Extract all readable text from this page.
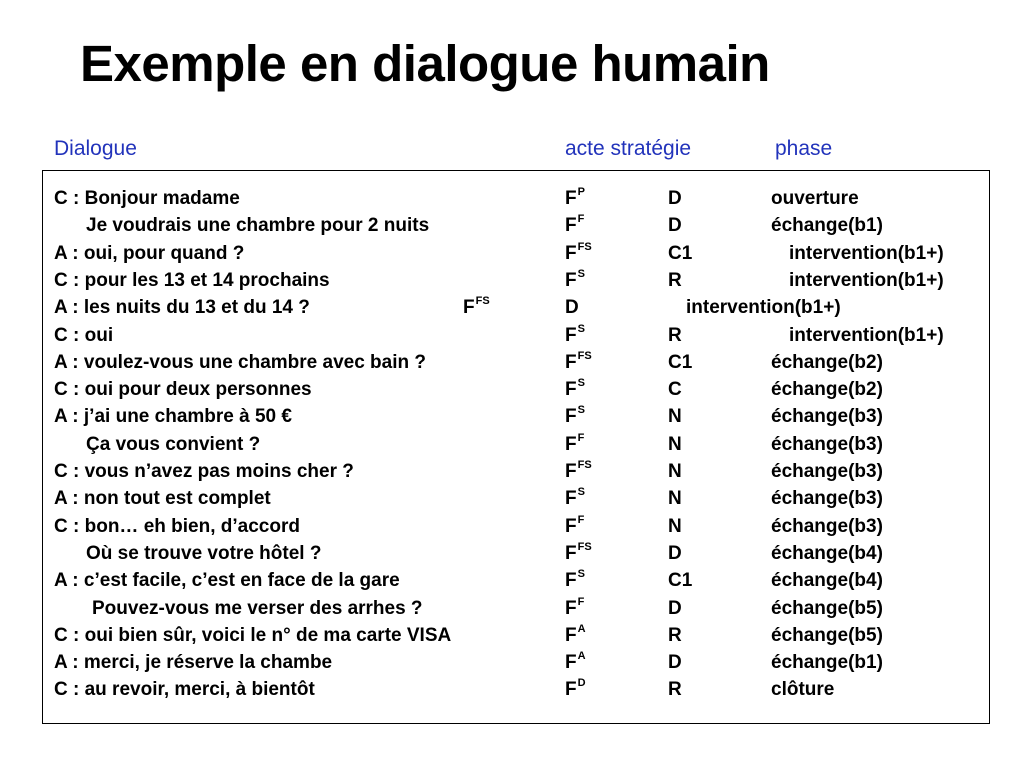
Exemple en dialogue humain
Dialogue	acte stratégie	phase
C : Bonjour madame	$F^P$	D	ouverture
Je voudrais une chambre pour 2 nuits	$F^F$	D	échange(b1)
A : oui, pour quand ?	$F^{FS}$	C1	intervention(b1+)
C : pour les 13 et 14 prochains	$F^S$	R	intervention(b1+)
A : les nuits du 13 et du 14 ?	$F^{FS}$	D	intervention(b1+)
C : oui	$F^S$	R	intervention(b1+)
A : voulez-vous une chambre avec bain ?	$F^{FS}$	C1	échange(b2)
C : oui pour deux personnes	$F^S$	C	échange(b2)
A : j’ai une chambre à 50 €	$F^S$	N	échange(b3)
Ça vous convient ?	$F^F$	N	échange(b3)
C : vous n’avez pas moins cher ?	$F^{FS}$	N	échange(b3)
A : non tout est complet	$F^S$	N	échange(b3)
C : bon… eh bien, d’accord	$F^F$	N	échange(b3)
Où se trouve votre hôtel ?	$F^{FS}$	D	échange(b4)
A : c’est facile, c’est en face de la gare	$F^S$	C1	échange(b4)
Pouvez-vous me verser des arrhes ?	$F^F$	D	échange(b5)
C : oui bien sûr, voici le n° de ma carte VISA	$F^A$	R	échange(b5)
A : merci, je réserve la chambe	$F^A$	D	échange(b1)
C : au revoir, merci, à bientôt	$F^D$	R	clôture
